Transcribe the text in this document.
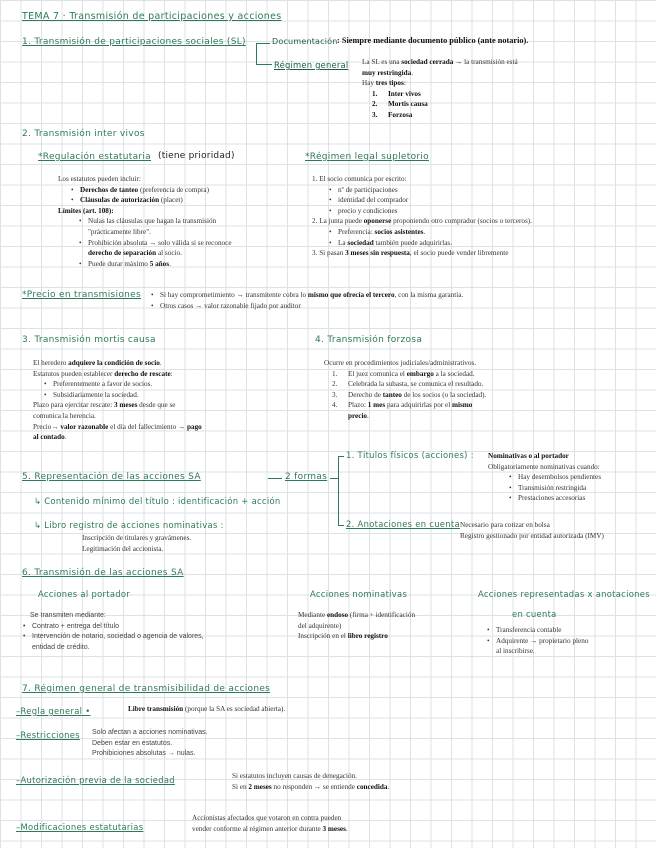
TEMA 7 · Transmisión de participaciones y acciones
1. Transmisión de participaciones sociales (SL)	Documentación : Siempre mediante documento público (ante notario).
Régimen general La SL es una sociedad cerrada → la transmisión está
muy restringida.
Hay tres tipos:
1. Inter vivos
2. Mortis causa
3. Forzosa
2. Transmisión inter vivos
*Regulación estatutaria (tiene prioridad)
Los estatutos pueden incluir:
• Derechos de tanteo (preferencia de compra)
• Cláusulas de autorización (placet)
Límites (art. 108):
• Nulas las cláusulas que hagan la transmisión
"prácticamente libre".
• Prohibición absoluta → solo válida si se reconoce
derecho de separación al socio.
• Puede durar máximo 5 años.
*Régimen legal supletorio
1. El socio comunica por escrito:
• nº de participaciones
• identidad del comprador
• precio y condiciones
2. La junta puede oponerse proponiendo otro comprador (socios o terceros).
• Preferencia: socios asistentes.
• La sociedad también puede adquirirlas.
3. Si pasan 3 meses sin respuesta, el socio puede vender libremente
*Precio en transmisiones
•	Si hay comprometimiento → transmitente cobra lo mismo que ofrecía el tercero, con la misma garantía.
• Otros casos → valor razonable fijado por auditor
3. Transmisión mortis causa
El heredero adquiere la condición de socio.
Estatutos pueden establecer derecho de rescate:
• Preferentemente a favor de socios.
• Subsidiariamente la sociedad.
Plazo para ejercitar rescate: 3 meses desde que se
comunica la herencia.
Precio→ valor razonable el día del fallecimiento → pago
al contado.
4. Transmisión forzosa
Ocurre en procedimientos judiciales/administrativos.
1. El juez comunica el embargo a la sociedad.
2. Celebrada la subasta, se comunica el resultado.
3. Derecho de tanteo de los socios (o la sociedad).
4. Plazo: 1 mes para adquirirlas por el mismo
precio.
5. Representación de las acciones SA	2 formas
↳ Contenido mínimo del título : identificación + acción
↳ Libro registro de acciones nominativas :
Inscripción de titulares y gravámenes.
Legitimación del accionista.
1. Títulos físicos (acciones) : Nominativas o al portador
Obligatoriamente nominativas cuando:
• Hay desembolsos pendientes
• Transmisión restringida
• Prestaciones accesorias
2. Anotaciones en cuenta Necesario para cotizar en bolsa
Registro gestionado por entidad autorizada (IMV)
6. Transmisión de las acciones SA
Acciones al portador
Se transmiten mediante:
• Contrato + entrega del título
• Intervención de notario, sociedad o agencia de valores,
entidad de crédito.
Acciones nominativas
Mediante endoso (firma + identificación
del adquirente)
Inscripción en el libro registro
Acciones representadas x anotaciones
en cuenta
• Transferencia contable
• Adquirente → propietario pleno
al inscribirse.
7. Régimen general de transmisibilidad de acciones
–Regla general •	Libre transmisión (porque la SA es sociedad abierta).
–Restricciones Solo afectan a acciones nominativas.
Deben estar en estatutos.
Prohibiciones absolutas → nulas.
–Autorización previa de la sociedad	Si estatutos incluyen causas de denegación.
Si en 2 meses no responden → se entiende concedida.
–Modificaciones estatutarias
Accionistas afectados que votaron en contra pueden
vender conforme al régimen anterior durante 3 meses.
